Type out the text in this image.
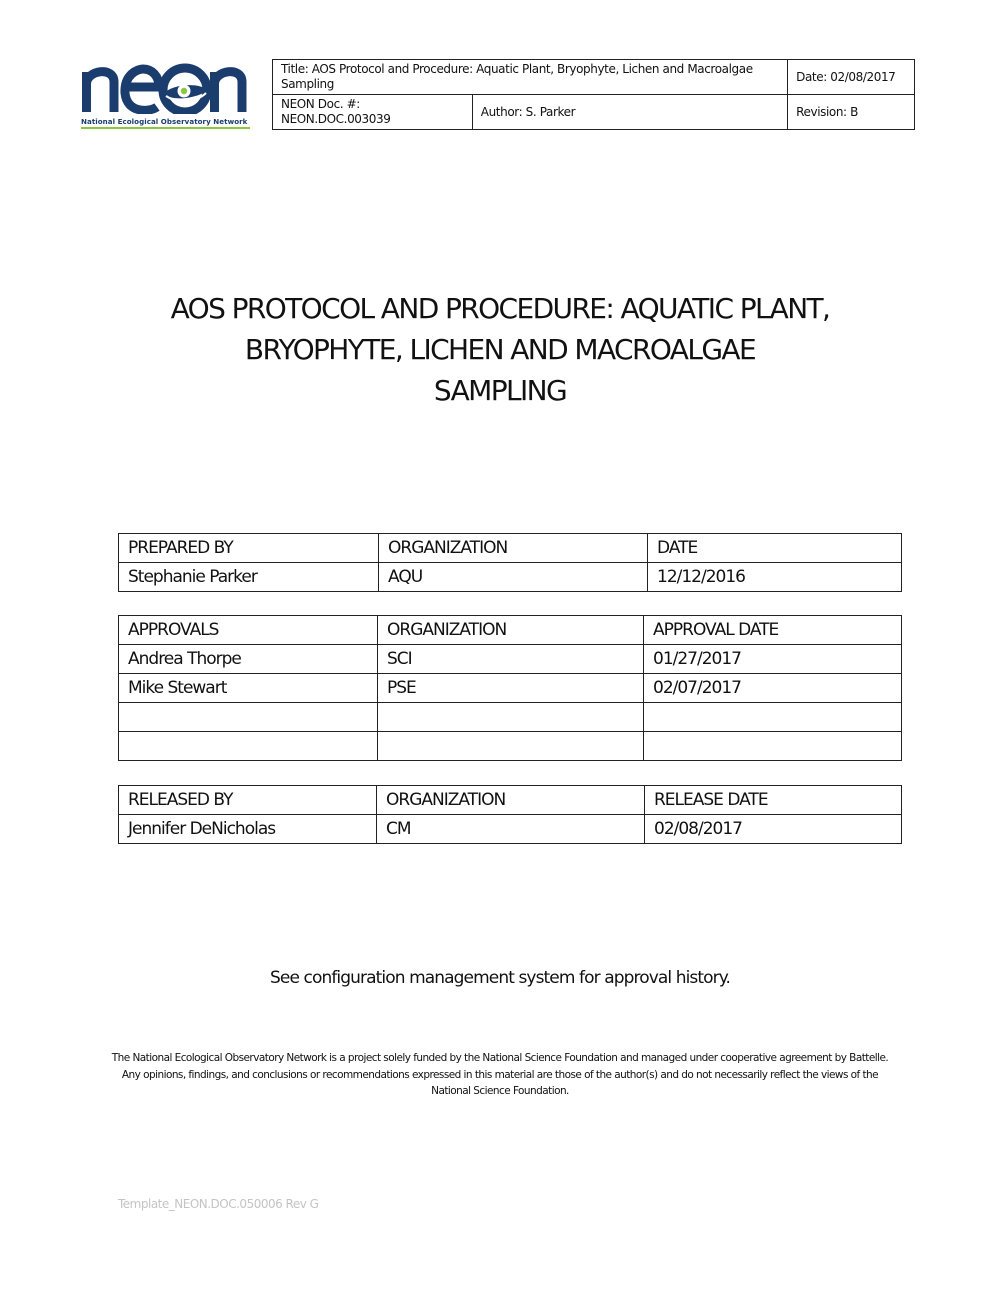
National Ecological Observatory Network
Title: AOS Protocol and Procedure: Aquatic Plant, Bryophyte, Lichen and Macroalgae Sampling		Date: 02/08/2017
NEON Doc. #: NEON.DOC.003039	Author: S. Parker	Revision: B
AOS PROTOCOL AND PROCEDURE: AQUATIC PLANT,
BRYOPHYTE, LICHEN AND MACROALGAE
SAMPLING
PREPARED BY	ORGANIZATION	DATE
Stephanie Parker	AQU	12/12/2016
APPROVALS	ORGANIZATION	APPROVAL DATE
Andrea Thorpe	SCI	01/27/2017
Mike Stewart	PSE	02/07/2017

RELEASED BY	ORGANIZATION	RELEASE DATE
Jennifer DeNicholas	CM	02/08/2017
See configuration management system for approval history.
The National Ecological Observatory Network is a project solely funded by the National Science Foundation and managed under cooperative agreement by Battelle.
Any opinions, findings, and conclusions or recommendations expressed in this material are those of the author(s) and do not necessarily reflect the views of the
National Science Foundation.
Template_NEON.DOC.050006 Rev G
